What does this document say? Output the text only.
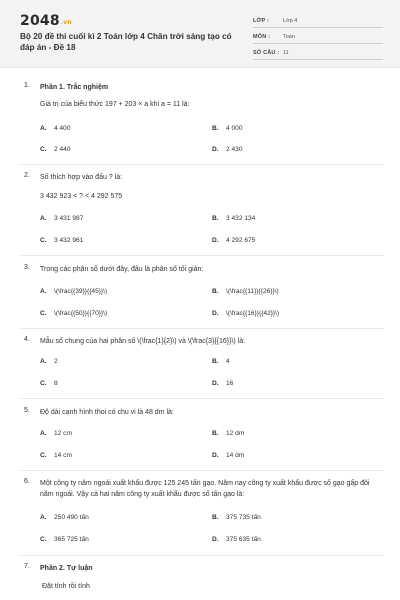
2048.vn
Bộ 20 đề thi cuối kì 2 Toán lớp 4 Chân trời sáng tạo có đáp án - Đề 18
LỚP :	Lớp 4
MÔN : Toán
SỐ CÂU : 11
1. Phần 1. Trắc nghiệm
Giá trị của biểu thức 197 + 203 × a khi a = 11 là:
A. 4 400	B. 4 000
C. 2 440	D. 2 430
2. Số thích hợp vào đấu ? là:
3 432 923 < ? < 4 292 575
A. 3 431 987	B. 3 432 134
C. 3 432 961	D. 4 292 675
3. Trong các phân số dưới đây, đâu là phân số tối giản:
A. \(\frac{{39}}{{45}}\)	B. \(\frac{{11}}{{26}}\)
C. \(\frac{{50}}{{70}}\)	D. \(\frac{{16}}{{42}}\)
4. Mẫu số chung của hai phân số \(\frac{1}{2}\) và \(\frac{3}{{16}}\) là:
A. 2	B. 4
C. 8	D. 16
5. Độ dài cạnh hình thoi có chu vi là 48 dm là:
A. 12 cm	B. 12 dm
C. 14 cm	D. 14 dm
6. Một công ty năm ngoái xuất khẩu được 125 245 tấn gạo. Năm nay công ty xuất khẩu được số gạo gấp đôi năm ngoái. Vậy cả hai năm công ty xuất khẩu được số tấn gạo là:
A. 250 490 tấn	B. 375 735 tấn
C. 365 725 tấn	D. 375 635 tấn
7. Phần 2. Tự luận
Đặt tính rồi tính
